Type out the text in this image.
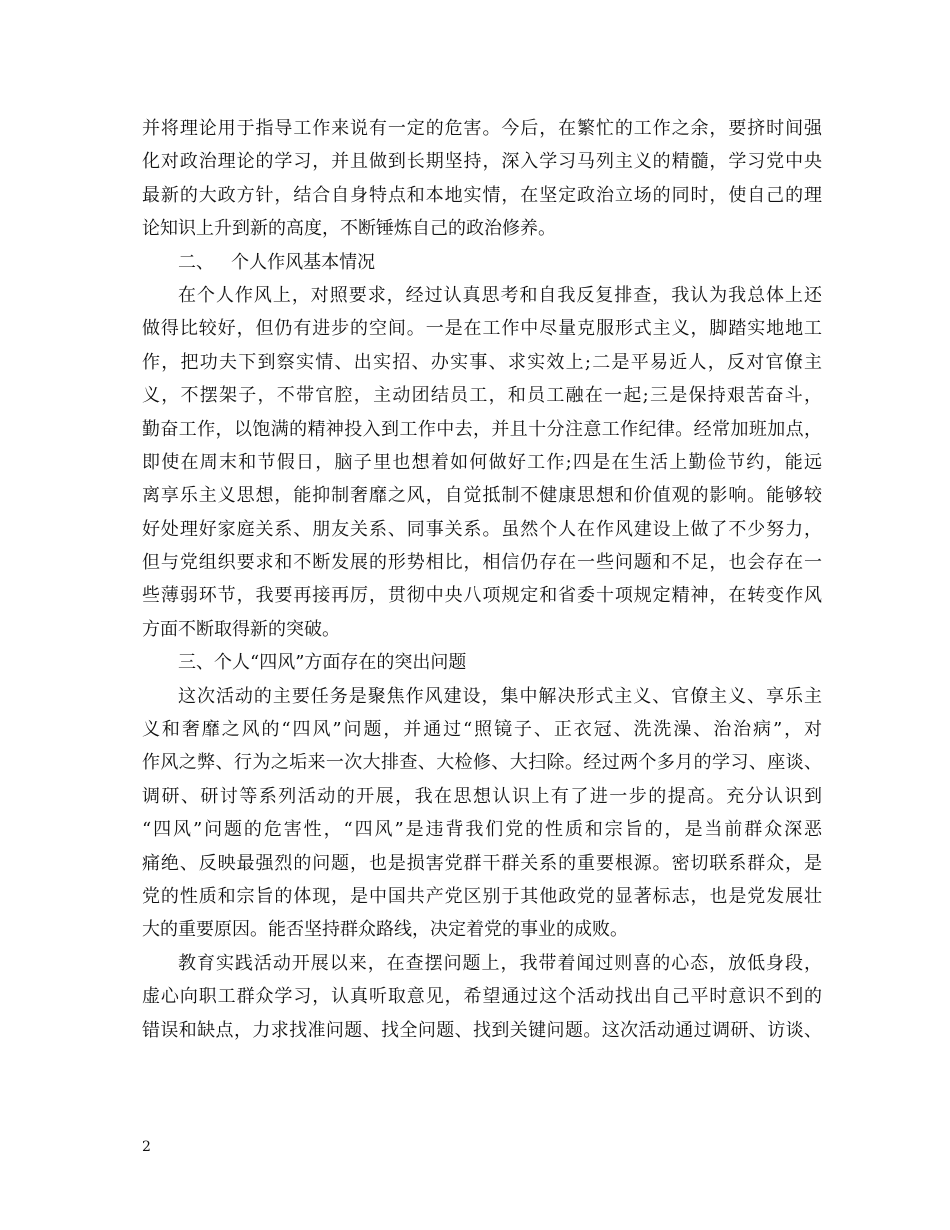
并将理论用于指导工作来说有一定的危害。今后，在繁忙的工作之余，要挤时间强
化对政治理论的学习，并且做到长期坚持，深入学习马列主义的精髓，学习党中央
最新的大政方针，结合自身特点和本地实情，在坚定政治立场的同时，使自己的理
论知识上升到新的高度，不断锤炼自己的政治修养。
二、   个人作风基本情况
在个人作风上，对照要求，经过认真思考和自我反复排查，我认为我总体上还
做得比较好，但仍有进步的空间。一是在工作中尽量克服形式主义，脚踏实地地工
作，把功夫下到察实情、出实招、办实事、求实效上;二是平易近人，反对官僚主
义，不摆架子，不带官腔，主动团结员工，和员工融在一起;三是保持艰苦奋斗，
勤奋工作，以饱满的精神投入到工作中去，并且十分注意工作纪律。经常加班加点，
即使在周末和节假日，脑子里也想着如何做好工作;四是在生活上勤俭节约，能远
离享乐主义思想，能抑制奢靡之风，自觉抵制不健康思想和价值观的影响。能够较
好处理好家庭关系、朋友关系、同事关系。虽然个人在作风建设上做了不少努力，
但与党组织要求和不断发展的形势相比，相信仍存在一些问题和不足，也会存在一
些薄弱环节，我要再接再厉，贯彻中央八项规定和省委十项规定精神，在转变作风
方面不断取得新的突破。
三、个人“四风”方面存在的突出问题
这次活动的主要任务是聚焦作风建设，集中解决形式主义、官僚主义、享乐主
义和奢靡之风的“四风”问题，并通过“照镜子、正衣冠、洗洗澡、治治病”，对
作风之弊、行为之垢来一次大排查、大检修、大扫除。经过两个多月的学习、座谈、
调研、研讨等系列活动的开展，我在思想认识上有了进一步的提高。充分认识到
“四风”问题的危害性，“四风”是违背我们党的性质和宗旨的，是当前群众深恶
痛绝、反映最强烈的问题，也是损害党群干群关系的重要根源。密切联系群众，是
党的性质和宗旨的体现，是中国共产党区别于其他政党的显著标志，也是党发展壮
大的重要原因。能否坚持群众路线，决定着党的事业的成败。
教育实践活动开展以来，在查摆问题上，我带着闻过则喜的心态，放低身段，
虚心向职工群众学习，认真听取意见，希望通过这个活动找出自己平时意识不到的
错误和缺点，力求找准问题、找全问题、找到关键问题。这次活动通过调研、访谈、
2
